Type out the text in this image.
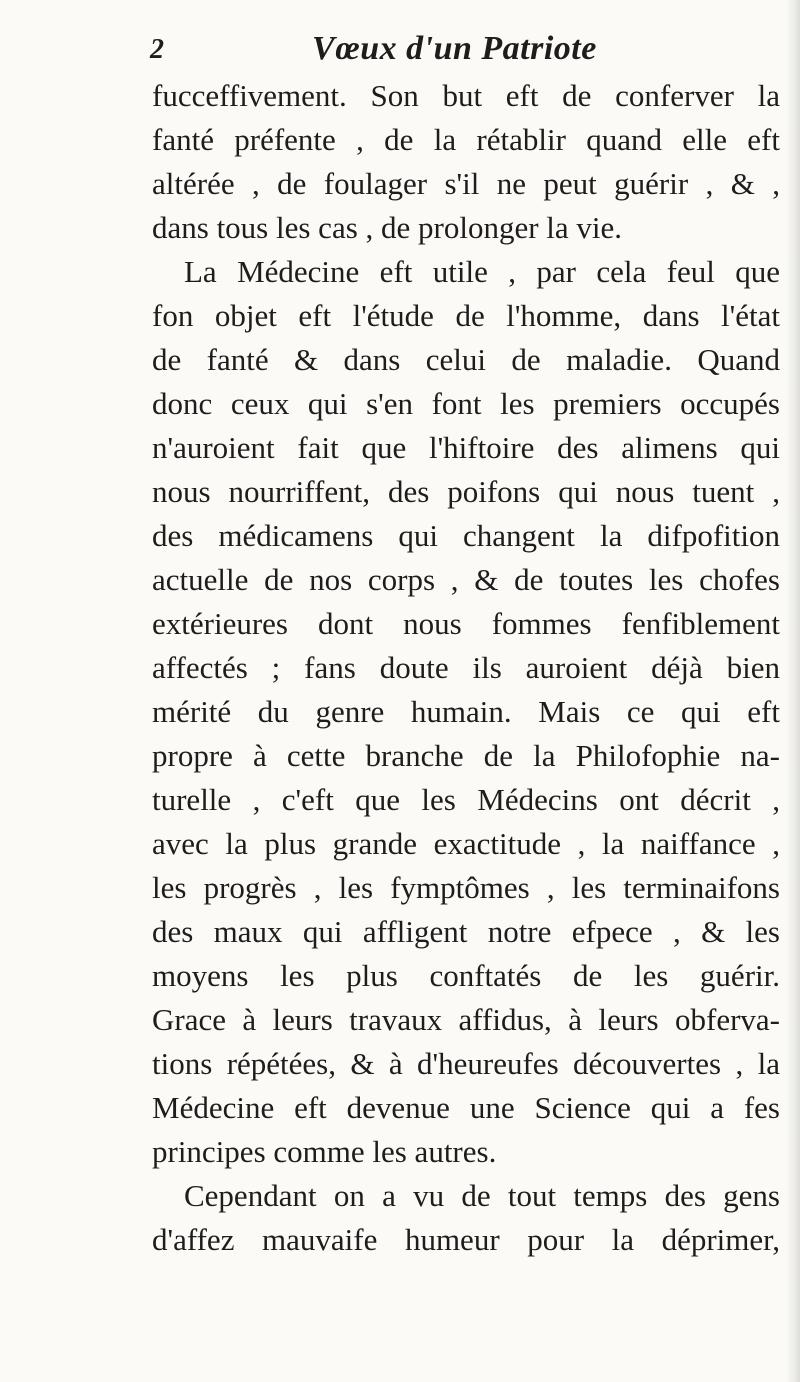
2	Vœux d'un Patriote
fucceffivement. Son but eft de conferver la
fanté préfente , de la rétablir quand elle eft
altérée , de foulager s'il ne peut guérir , & ,
dans tous les cas , de prolonger la vie.
La Médecine eft utile , par cela feul que
fon objet eft l'étude de l'homme, dans l'état
de fanté & dans celui de maladie. Quand
donc ceux qui s'en font les premiers occupés
n'auroient fait que l'hiftoire des alimens qui
nous nourriffent, des poifons qui nous tuent ,
des médicamens qui changent la difpofition
actuelle de nos corps , & de toutes les chofes
extérieures dont nous fommes fenfiblement
affectés ; fans doute ils auroient déjà bien
mérité du genre humain. Mais ce qui eft
propre à cette branche de la Philofophie na-
turelle , c'eft que les Médecins ont décrit ,
avec la plus grande exactitude , la naiffance ,
les progrès , les fymptômes , les terminaifons
des maux qui affligent notre efpece , & les
moyens les plus conftatés de les guérir.
Grace à leurs travaux affidus, à leurs obferva-
tions répétées, & à d'heureufes découvertes , la
Médecine eft devenue une Science qui a fes
principes comme les autres.
Cependant on a vu de tout temps des gens
d'affez mauvaife humeur pour la déprimer,
